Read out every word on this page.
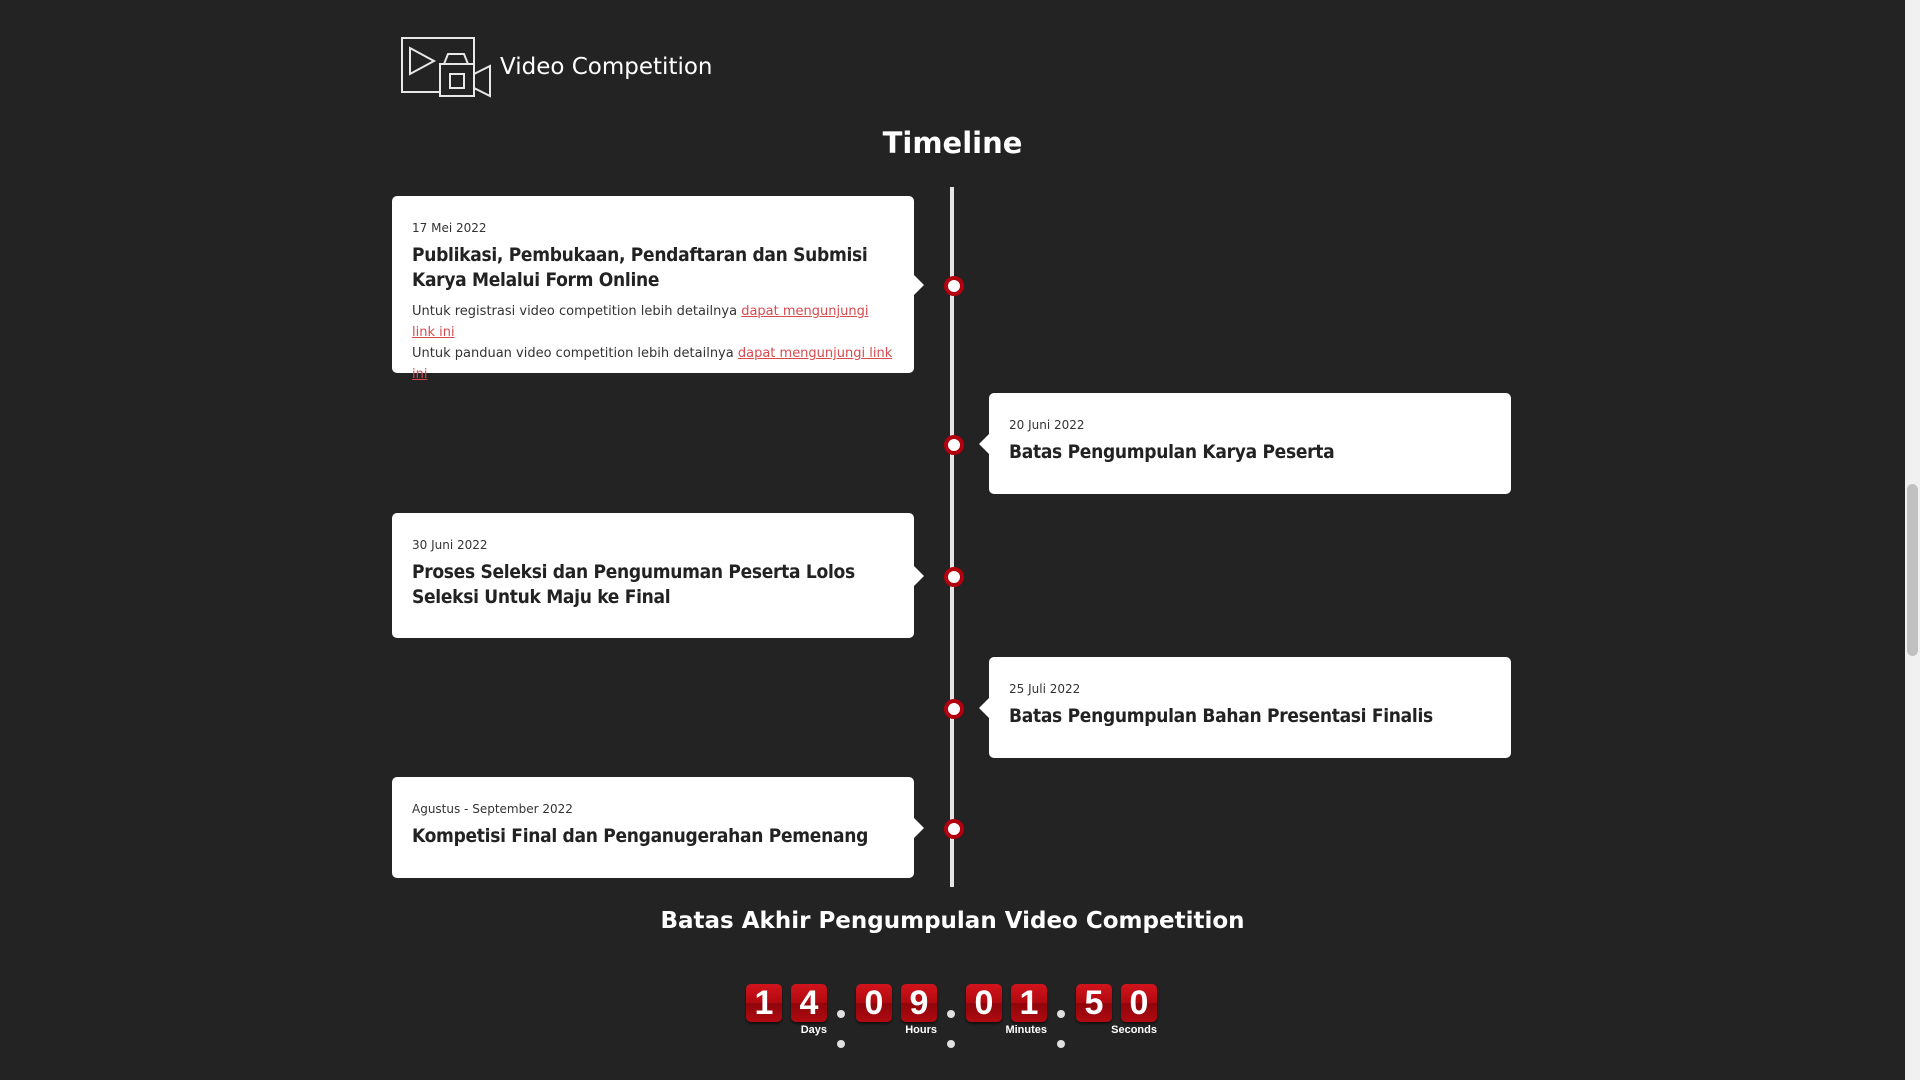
Video Competition
Timeline
17 Mei 2022
Publikasi, Pembukaan, Pendaftaran dan Submisi Karya Melalui Form Online
Untuk registrasi video competition lebih detailnya dapat mengunjungi link ini
Untuk panduan video competition lebih detailnya dapat mengunjungi link ini
20 Juni 2022
Batas Pengumpulan Karya Peserta
30 Juni 2022
Proses Seleksi dan Pengumuman Peserta Lolos Seleksi Untuk Maju ke Final
25 Juli 2022
Batas Pengumpulan Bahan Presentasi Finalis
Agustus - September 2022
Kompetisi Final dan Penganugerahan Pemenang
Batas Akhir Pengumpulan Video Competition
1 4
Days
0 9
Hours
0 1
Minutes
5 0
Seconds
